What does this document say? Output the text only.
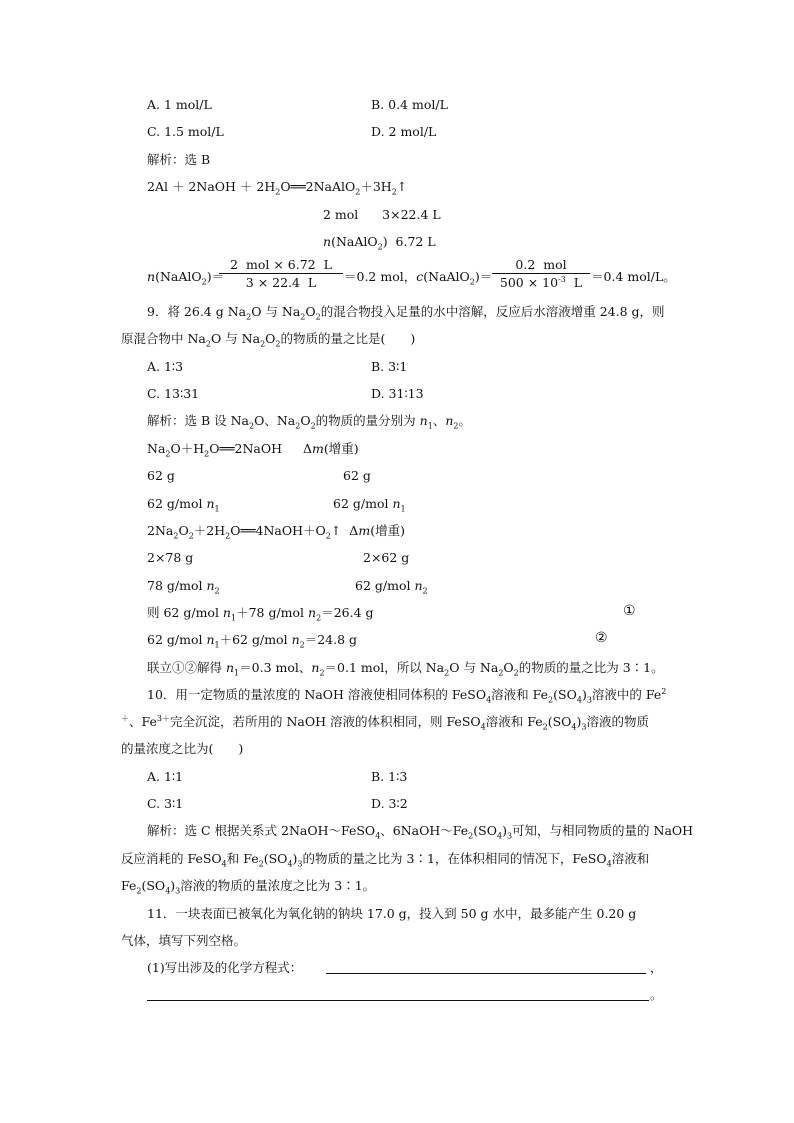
A. 1 mol/L	B. 0.4 mol/L
C. 1.5 mol/L	D. 2 mol/L
解析：选 B
2Al ＋ 2NaOH ＋ $2H_2O══2NaAlO_2+3H_2↑$
2 mol      3×22.4 L
n(NaAlO$_2$)  6.72 L
n(NaAlO$_2$)＝
2  mol × 6.72  L
3 × 22.4  L	＝0.2 mol，c(NaAlO$_2$)＝
0.2  mol
$500 \times 10^{-3}$  L ＝0.4 mol/L。
9．将 26.4 g $Na_2O$ 与 $Na_2O_2$的混合物投入足量的水中溶解，反应后水溶液增重 24.8 g，则
原混合物中 $Na_2O$ 与 $Na_2O_2$的物质的量之比是(　　)
A. 1∶3	B. 3∶1
C. 13∶31	D. 31∶13
解析：选 B 设 $Na_2O$、$Na_2O_2$的物质的量分别为 $n_1$、$n_2$。
$Na_2O+H_2O══2NaOH$ Δm(增重)
62 g	62 g
62 g/mol $n_1$	62 g/mol $n_1$
$2Na_2O_2+2H_2O══4NaOH+O_2↑$  Δm(增重)
2×78 g	2×62 g
78 g/mol $n_2$	62 g/mol $n_2$
则 62 g/mol $n_1+78$ g/mol $n_2=26.4$ g	①
62 g/mol $n_1+62$ g/mol $n_2=24.8$ g	②
联立①②解得 $n_1=0.3$ mol、$n_2=0.1$ mol，所以 $Na_2O$ 与 $Na_2O_2$的物质的量之比为 3∶1。
10．用一定物质的量浓度的 NaOH 溶液使相同体积的 FeSO$_4$溶液和 $Fe_2(SO_4)_3$溶液中的 Fe$^2$
＋、$Fe^{3+}$完全沉淀，若所用的 NaOH 溶液的体积相同，则 FeSO$_4$溶液和 $Fe_2(SO_4)_3$溶液的物质
的量浓度之比为(　　)
A. 1∶1	B. 1∶3
C. 3∶1	D. 3∶2
解析：选 C 根据关系式 2NaOH～FeSO$_4$、$6NaOH\sim Fe_2(SO_4)_3$可知，与相同物质的量的 NaOH
反应消耗的 FeSO$_4$和 $Fe_2(SO_4)_3$的物质的量之比为 3∶1，在体积相同的情况下，FeSO$_4$溶液和
$Fe_2(SO_4)_3$溶液的物质的量浓度之比为 3∶1。
11．一块表面已被氧化为氧化钠的钠块 17.0 g，投入到 50 g 水中，最多能产生 0.20 g
气体，填写下列空格。
(1)写出涉及的化学方程式：	，
。
